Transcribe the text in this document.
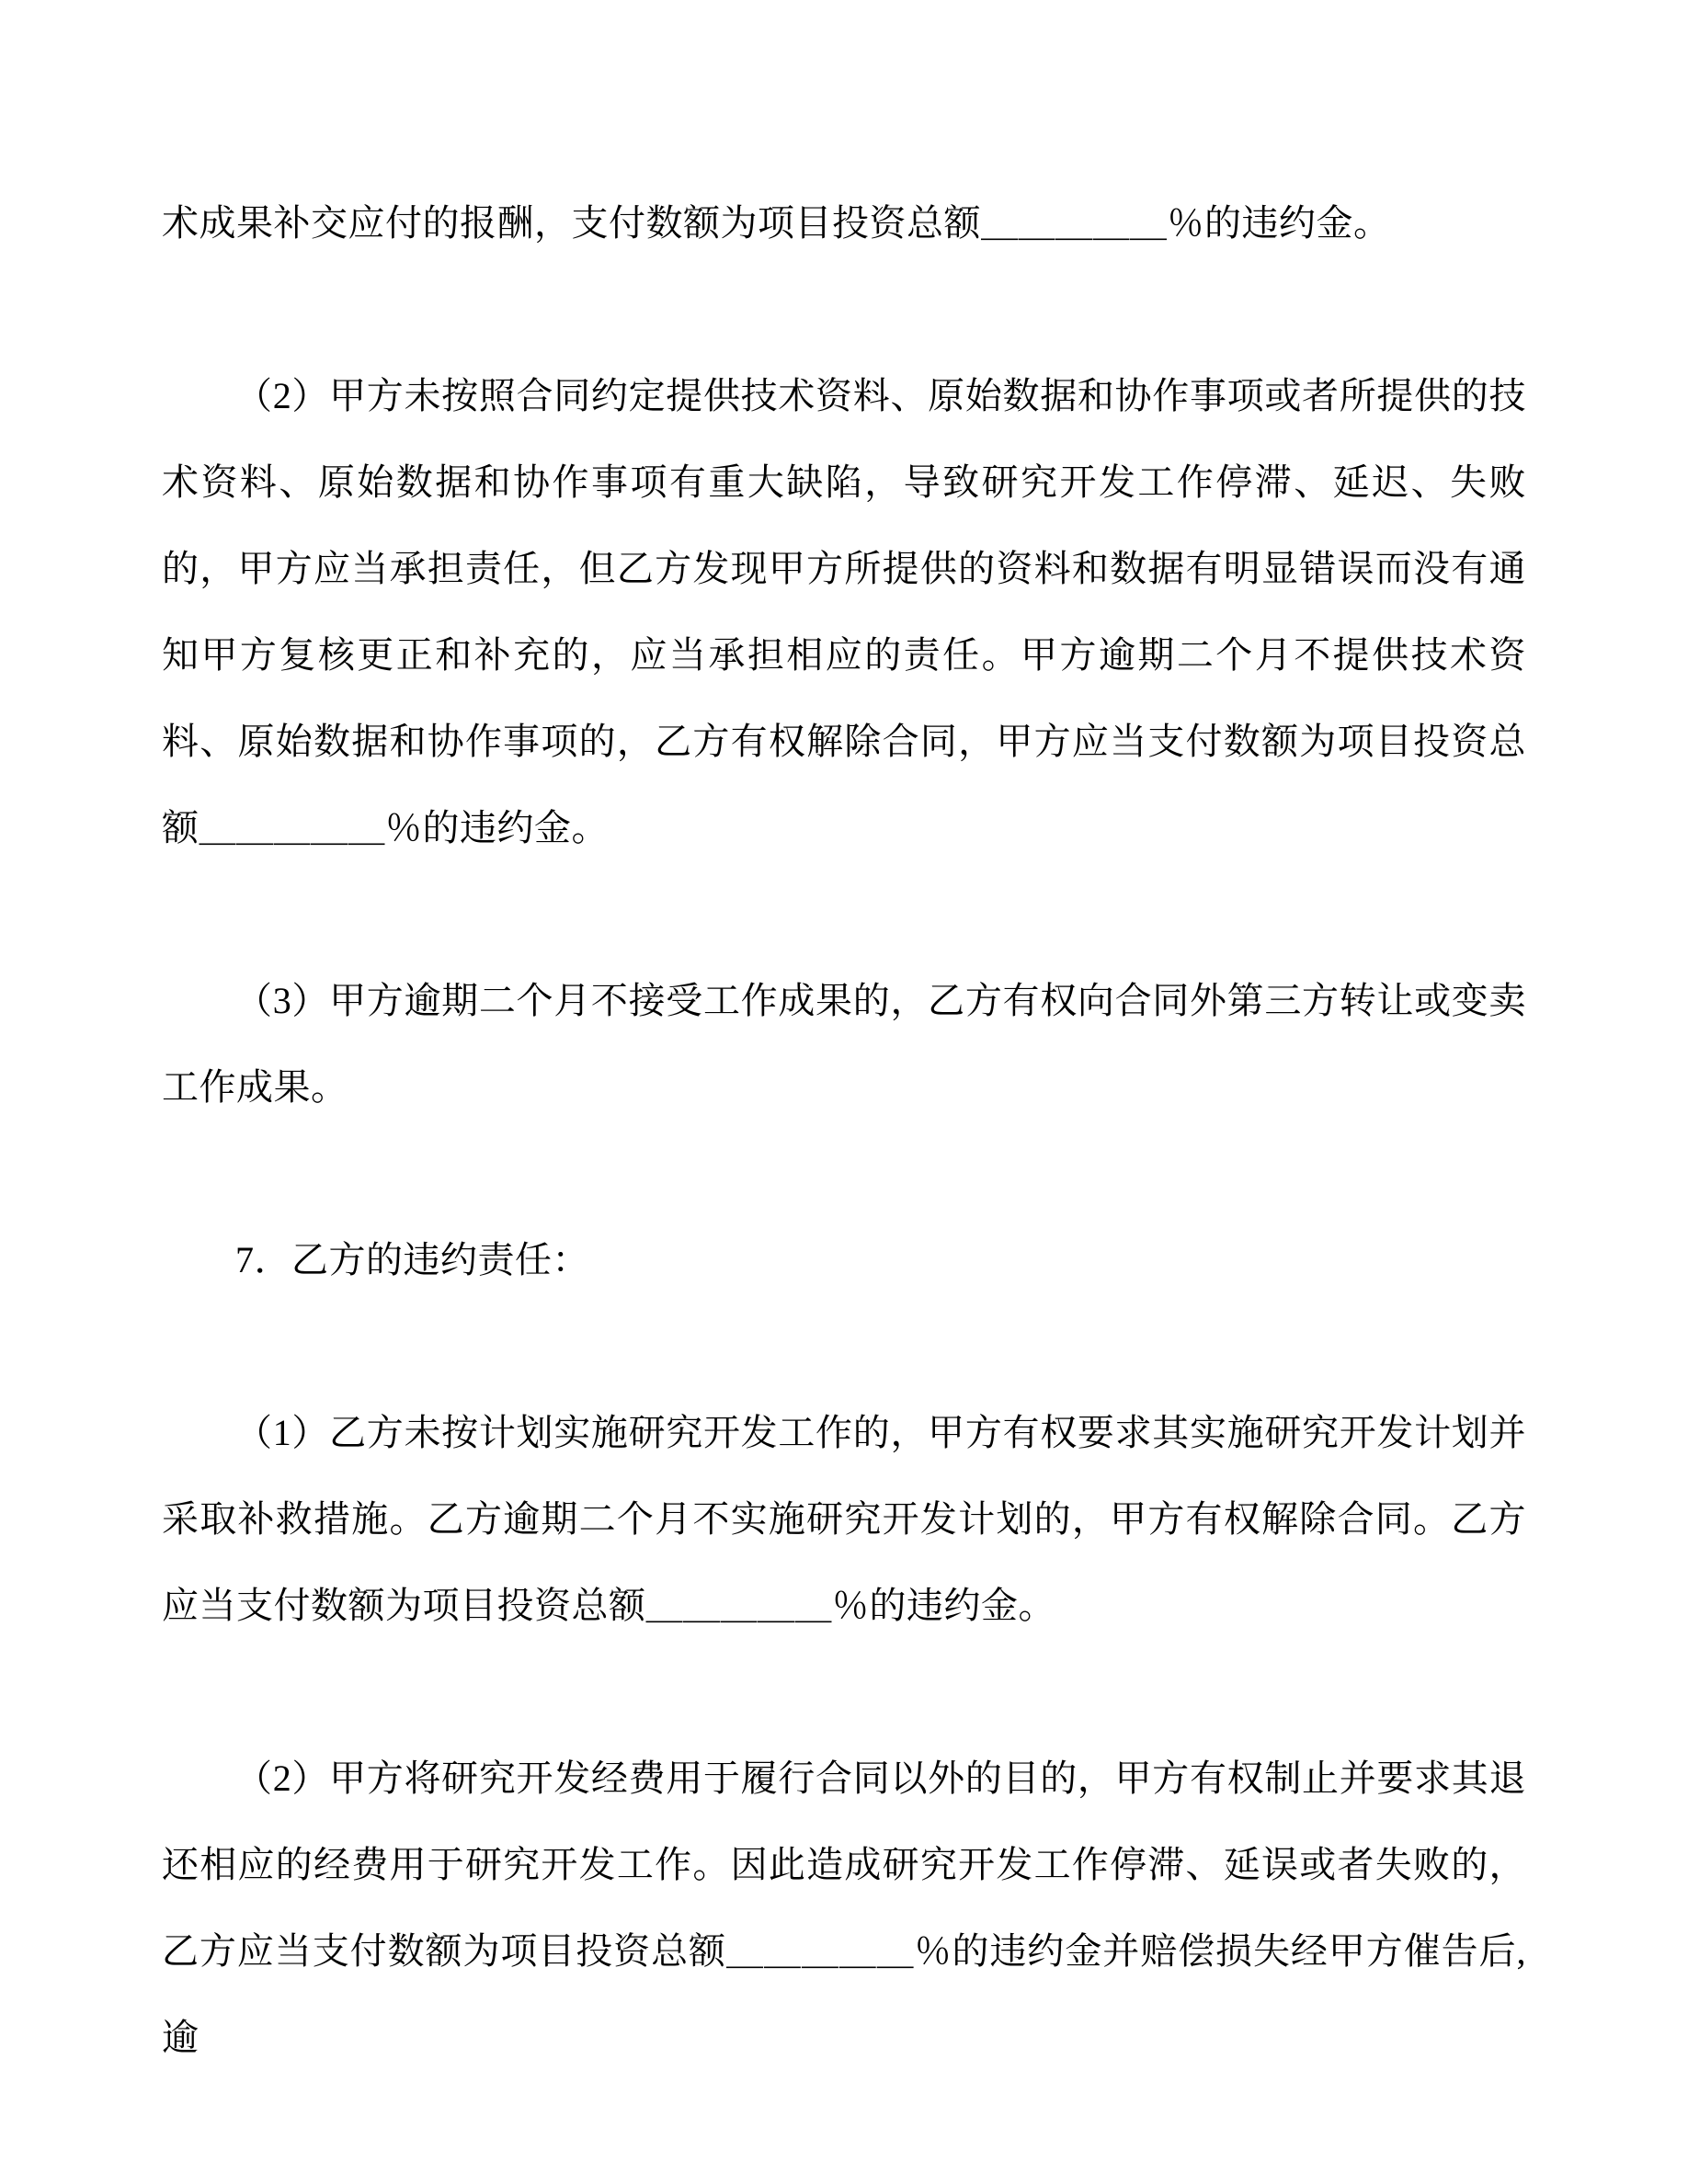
术成果补交应付的报酬，支付数额为项目投资总额＿＿＿＿＿％的违约金。

（2）甲方未按照合同约定提供技术资料、原始数据和协作事项或者所提供的技术资料、原始数据和协作事项有重大缺陷，导致研究开发工作停滞、延迟、失败的，甲方应当承担责任，但乙方发现甲方所提供的资料和数据有明显错误而没有通知甲方复核更正和补充的，应当承担相应的责任。甲方逾期二个月不提供技术资料、原始数据和协作事项的，乙方有权解除合同，甲方应当支付数额为项目投资总额＿＿＿＿＿％的违约金。

（3）甲方逾期二个月不接受工作成果的，乙方有权向合同外第三方转让或变卖工作成果。

7．乙方的违约责任：

（1）乙方未按计划实施研究开发工作的，甲方有权要求其实施研究开发计划并采取补救措施。乙方逾期二个月不实施研究开发计划的，甲方有权解除合同。乙方应当支付数额为项目投资总额＿＿＿＿＿％的违约金。

（2）甲方将研究开发经费用于履行合同以外的目的，甲方有权制止并要求其退还相应的经费用于研究开发工作。因此造成研究开发工作停滞、延误或者失败的，乙方应当支付数额为项目投资总额＿＿＿＿＿％的违约金并赔偿损失经甲方催告后,逾
